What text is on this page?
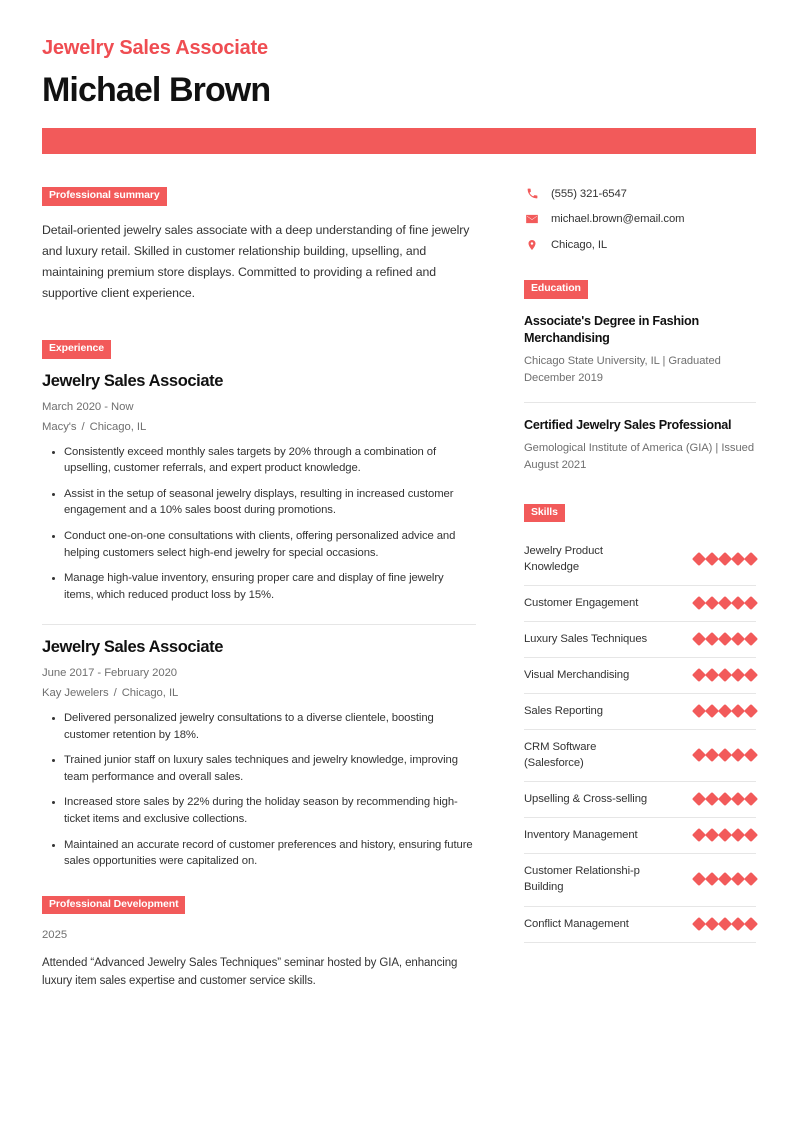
Jewelry Sales Associate
Michael Brown
Professional summary

Detail-oriented jewelry sales associate with a deep understanding of fine jewelry and luxury retail. Skilled in customer relationship building, upselling, and maintaining premium store displays. Committed to providing a refined and supportive client experience.

Experience
Jewelry Sales Associate
March 2020 - Now
Macy's / Chicago, IL
• Consistently exceed monthly sales targets by 20% through a combination of upselling, customer referrals, and expert product knowledge.
• Assist in the setup of seasonal jewelry displays, resulting in increased customer engagement and a 10% sales boost during promotions.
• Conduct one-on-one consultations with clients, offering personalized advice and helping customers select high-end jewelry for special occasions.
• Manage high-value inventory, ensuring proper care and display of fine jewelry items, which reduced product loss by 15%.
Jewelry Sales Associate
June 2017 - February 2020
Kay Jewelers / Chicago, IL
• Delivered personalized jewelry consultations to a diverse clientele, boosting customer retention by 18%.
• Trained junior staff on luxury sales techniques and jewelry knowledge, improving team performance and overall sales.
• Increased store sales by 22% during the holiday season by recommending high-ticket items and exclusive collections.
• Maintained an accurate record of customer preferences and history, ensuring future sales opportunities were capitalized on.
Professional Development
2025

Attended “Advanced Jewelry Sales Techniques” seminar hosted by GIA, enhancing luxury item sales expertise and customer service skills.

(555) 321-6547
michael.brown@email.com
Chicago, IL
Education
Associate's Degree in Fashion Merchandising
Chicago State University, IL | Graduated December 2019
Certified Jewelry Sales Professional
Gemological Institute of America (GIA) | Issued August 2021
Skills
Jewelry Product Knowledge
Customer Engagement
Luxury Sales Techniques
Visual Merchandising
Sales Reporting
CRM Software (Salesforce)
Upselling & Cross-selling
Inventory Management
Customer Relationshi-p Building
Conflict Management
